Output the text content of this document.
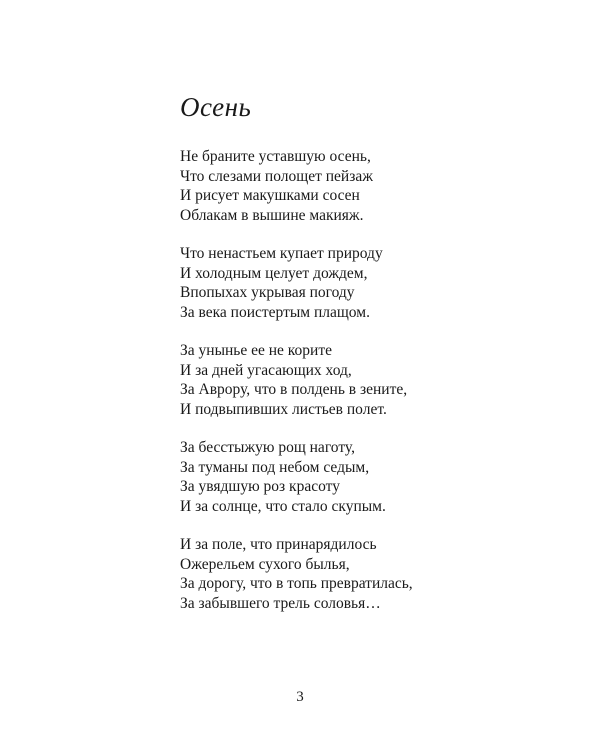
Осень
Не браните уставшую осень,
Что слезами полощет пейзаж
И рисует макушками сосен
Облакам в вышине макияж.
Что ненастьем купает природу
И холодным целует дождем,
Впопыхах укрывая погоду
За века поистертым плащом.
За унынье ее не корите
И за дней угасающих ход,
За Аврору, что в полдень в зените,
И подвыпивших листьев полет.
За бесстыжую рощ наготу,
За туманы под небом седым,
За увядшую роз красоту
И за солнце, что стало скупым.
И за поле, что принарядилось
Ожерельем сухого былья,
За дорогу, что в топь превратилась,
За забывшего трель соловья…
3
